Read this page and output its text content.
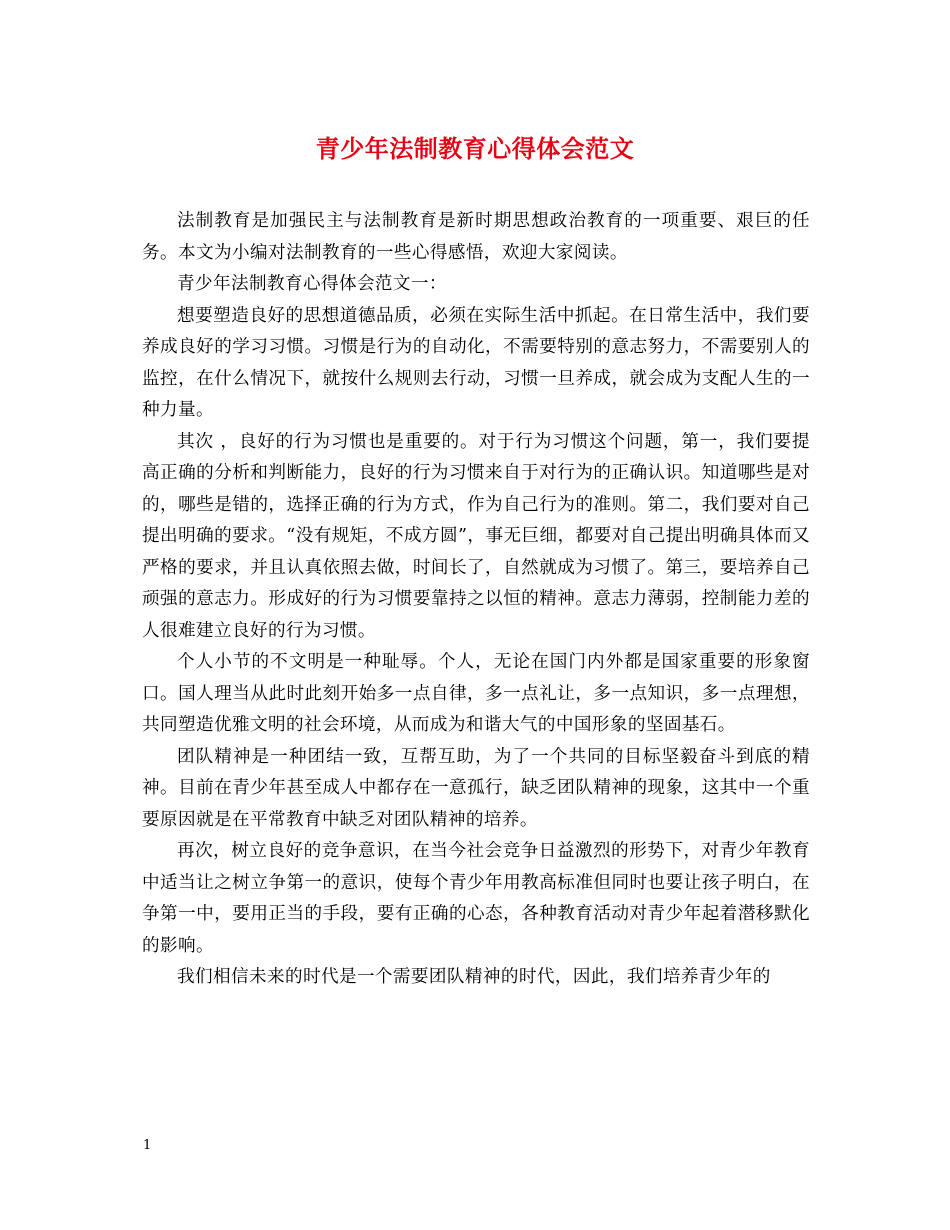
青少年法制教育心得体会范文

法制教育是加强民主与法制教育是新时期思想政治教育的一项重要、艰巨的任务。本文为小编对法制教育的一些心得感悟，欢迎大家阅读。

青少年法制教育心得体会范文一：

想要塑造良好的思想道德品质，必须在实际生活中抓起。在日常生活中，我们要养成良好的学习习惯。习惯是行为的自动化，不需要特别的意志努力，不需要别人的监控，在什么情况下，就按什么规则去行动，习惯一旦养成，就会成为支配人生的一种力量。

其次 ，良好的行为习惯也是重要的。对于行为习惯这个问题，第一，我们要提高正确的分析和判断能力，良好的行为习惯来自于对行为的正确认识。知道哪些是对的，哪些是错的，选择正确的行为方式，作为自己行为的准则。第二，我们要对自己提出明确的要求。“没有规矩，不成方圆”，事无巨细，都要对自己提出明确具体而又严格的要求，并且认真依照去做，时间长了，自然就成为习惯了。第三，要培养自己顽强的意志力。形成好的行为习惯要靠持之以恒的精神。意志力薄弱，控制能力差的人很难建立良好的行为习惯。

个人小节的不文明是一种耻辱。个人，无论在国门内外都是国家重要的形象窗口。国人理当从此时此刻开始多一点自律，多一点礼让，多一点知识，多一点理想，共同塑造优雅文明的社会环境，从而成为和谐大气的中国形象的坚固基石。

团队精神是一种团结一致，互帮互助，为了一个共同的目标坚毅奋斗到底的精神。目前在青少年甚至成人中都存在一意孤行，缺乏团队精神的现象，这其中一个重要原因就是在平常教育中缺乏对团队精神的培养。

再次，树立良好的竞争意识，在当今社会竞争日益激烈的形势下，对青少年教育中适当让之树立争第一的意识，使每个青少年用教高标准但同时也要让孩子明白，在争第一中，要用正当的手段，要有正确的心态，各种教育活动对青少年起着潜移默化的影响。

我们相信未来的时代是一个需要团队精神的时代，因此，我们培养青少年的

1
